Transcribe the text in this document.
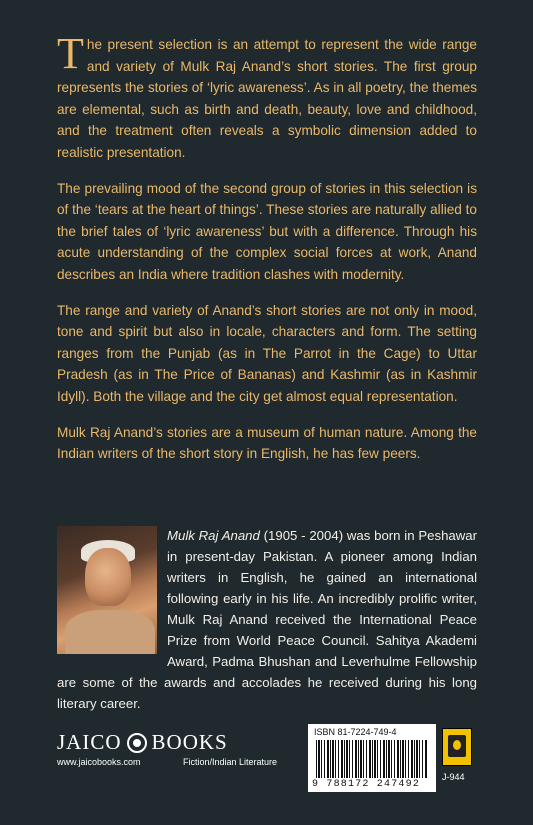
The present selection is an attempt to represent the wide range and variety of Mulk Raj Anand’s short stories. The first group represents the stories of ‘lyric awareness’. As in all poetry, the themes are elemental, such as birth and death, beauty, love and childhood, and the treatment often reveals a symbolic dimension added to realistic presentation.

The prevailing mood of the second group of stories in this selection is of the ‘tears at the heart of things’. These stories are naturally allied to the brief tales of ‘lyric awareness’ but with a difference. Through his acute understanding of the complex social forces at work, Anand describes an India where tradition clashes with modernity.

The range and variety of Anand’s short stories are not only in mood, tone and spirit but also in locale, characters and form. The setting ranges from the Punjab (as in The Parrot in the Cage) to Uttar Pradesh (as in The Price of Bananas) and Kashmir (as in Kashmir Idyll). Both the village and the city get almost equal representation.

Mulk Raj Anand’s stories are a museum of human nature. Among the Indian writers of the short story in English, he has few peers.

Mulk Raj Anand (1905 - 2004) was born in Peshawar in present-day Pakistan. A pioneer among Indian writers in English, he gained an international following early in his life. An incredibly prolific writer, Mulk Raj Anand received the International Peace Prize from World Peace Council. Sahitya Akademi Award, Padma Bhushan and Leverhulme Fellowship are some of the awards and accolades he received during his long literary career.
JAICO BOOKS
www.jaicobooks.com	Fiction/Indian Literature
ISBN 81-7224-749-4
9 788172 247492
J-944
